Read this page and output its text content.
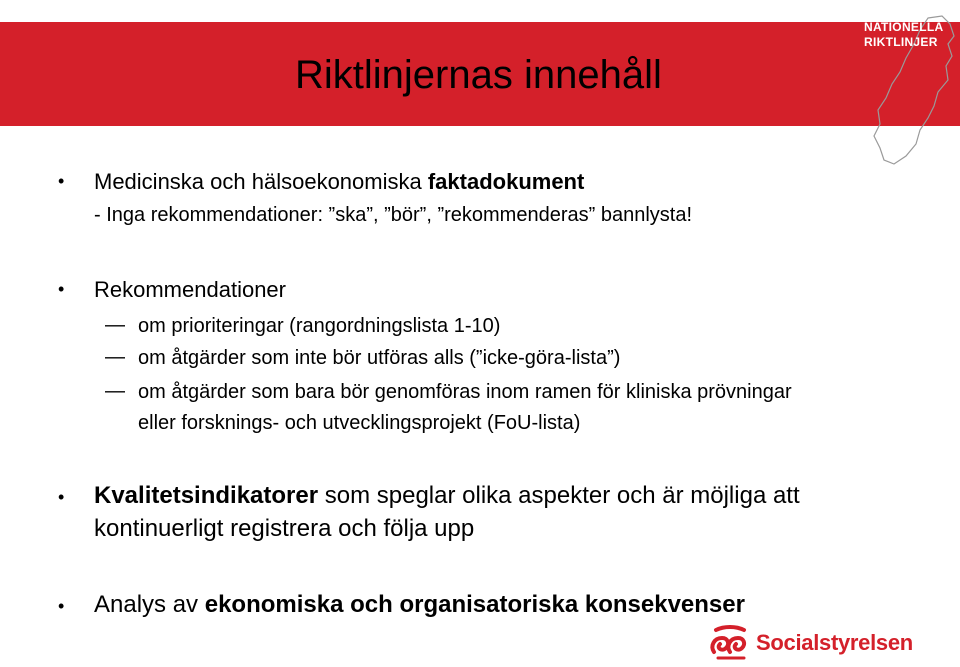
Riktlinjernas innehåll
NATIONELLA
RIKTLINJER
• Medicinska och hälsoekonomiska faktadokument
- Inga rekommendationer: ”ska”, ”bör”, ”rekommenderas” bannlysta!
• Rekommendationer
— om prioriteringar (rangordningslista 1-10)
— om åtgärder som inte bör utföras alls (”icke-göra-lista”)
— om åtgärder som bara bör genomföras inom ramen för kliniska prövningar
eller forsknings- och utvecklingsprojekt (FoU-lista)
• Kvalitetsindikatorer som speglar olika aspekter och är möjliga att
kontinuerligt registrera och följa upp
• Analys av ekonomiska och organisatoriska konsekvenser
Socialstyrelsen
